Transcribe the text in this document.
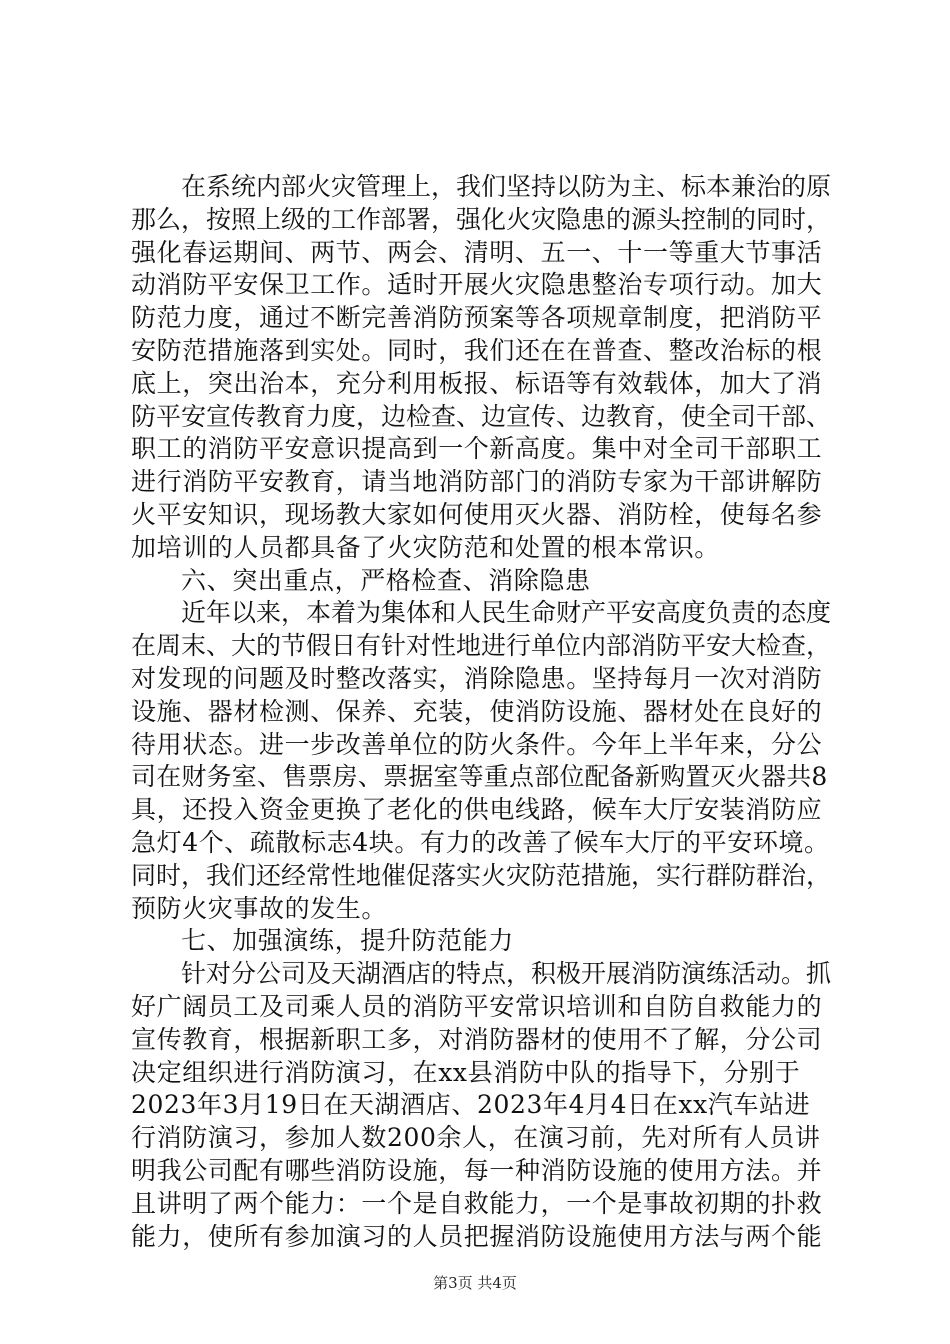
在系统内部火灾管理上，我们坚持以防为主、标本兼治的原
那么，按照上级的工作部署，强化火灾隐患的源头控制的同时，
强化春运期间、两节、两会、清明、五一、十一等重大节事活
动消防平安保卫工作。适时开展火灾隐患整治专项行动。加大
防范力度，通过不断完善消防预案等各项规章制度，把消防平
安防范措施落到实处。同时，我们还在在普查、整改治标的根
底上，突出治本，充分利用板报、标语等有效载体，加大了消
防平安宣传教育力度，边检查、边宣传、边教育，使全司干部、
职工的消防平安意识提高到一个新高度。集中对全司干部职工
进行消防平安教育，请当地消防部门的消防专家为干部讲解防
火平安知识，现场教大家如何使用灭火器、消防栓，使每名参
加培训的人员都具备了火灾防范和处置的根本常识。
六、突出重点，严格检查、消除隐患
近年以来，本着为集体和人民生命财产平安高度负责的态度
在周末、大的节假日有针对性地进行单位内部消防平安大检查，
对发现的问题及时整改落实，消除隐患。坚持每月一次对消防
设施、器材检测、保养、充装，使消防设施、器材处在良好的
待用状态。进一步改善单位的防火条件。今年上半年来，分公
司在财务室、售票房、票据室等重点部位配备新购置灭火器共8
具，还投入资金更换了老化的供电线路，候车大厅安装消防应
急灯4个、疏散标志4块。有力的改善了候车大厅的平安环境。
同时，我们还经常性地催促落实火灾防范措施，实行群防群治，
预防火灾事故的发生。
七、加强演练，提升防范能力
针对分公司及天湖酒店的特点，积极开展消防演练活动。抓
好广阔员工及司乘人员的消防平安常识培训和自防自救能力的
宣传教育，根据新职工多，对消防器材的使用不了解，分公司
决定组织进行消防演习，在xx县消防中队的指导下，分别于
2023年3月19日在天湖酒店、2023年4月4日在xx汽车站进
行消防演习，参加人数200余人，在演习前，先对所有人员讲
明我公司配有哪些消防设施，每一种消防设施的使用方法。并
且讲明了两个能力：一个是自救能力，一个是事故初期的扑救
能力，使所有参加演习的人员把握消防设施使用方法与两个能
第3页 共4页
